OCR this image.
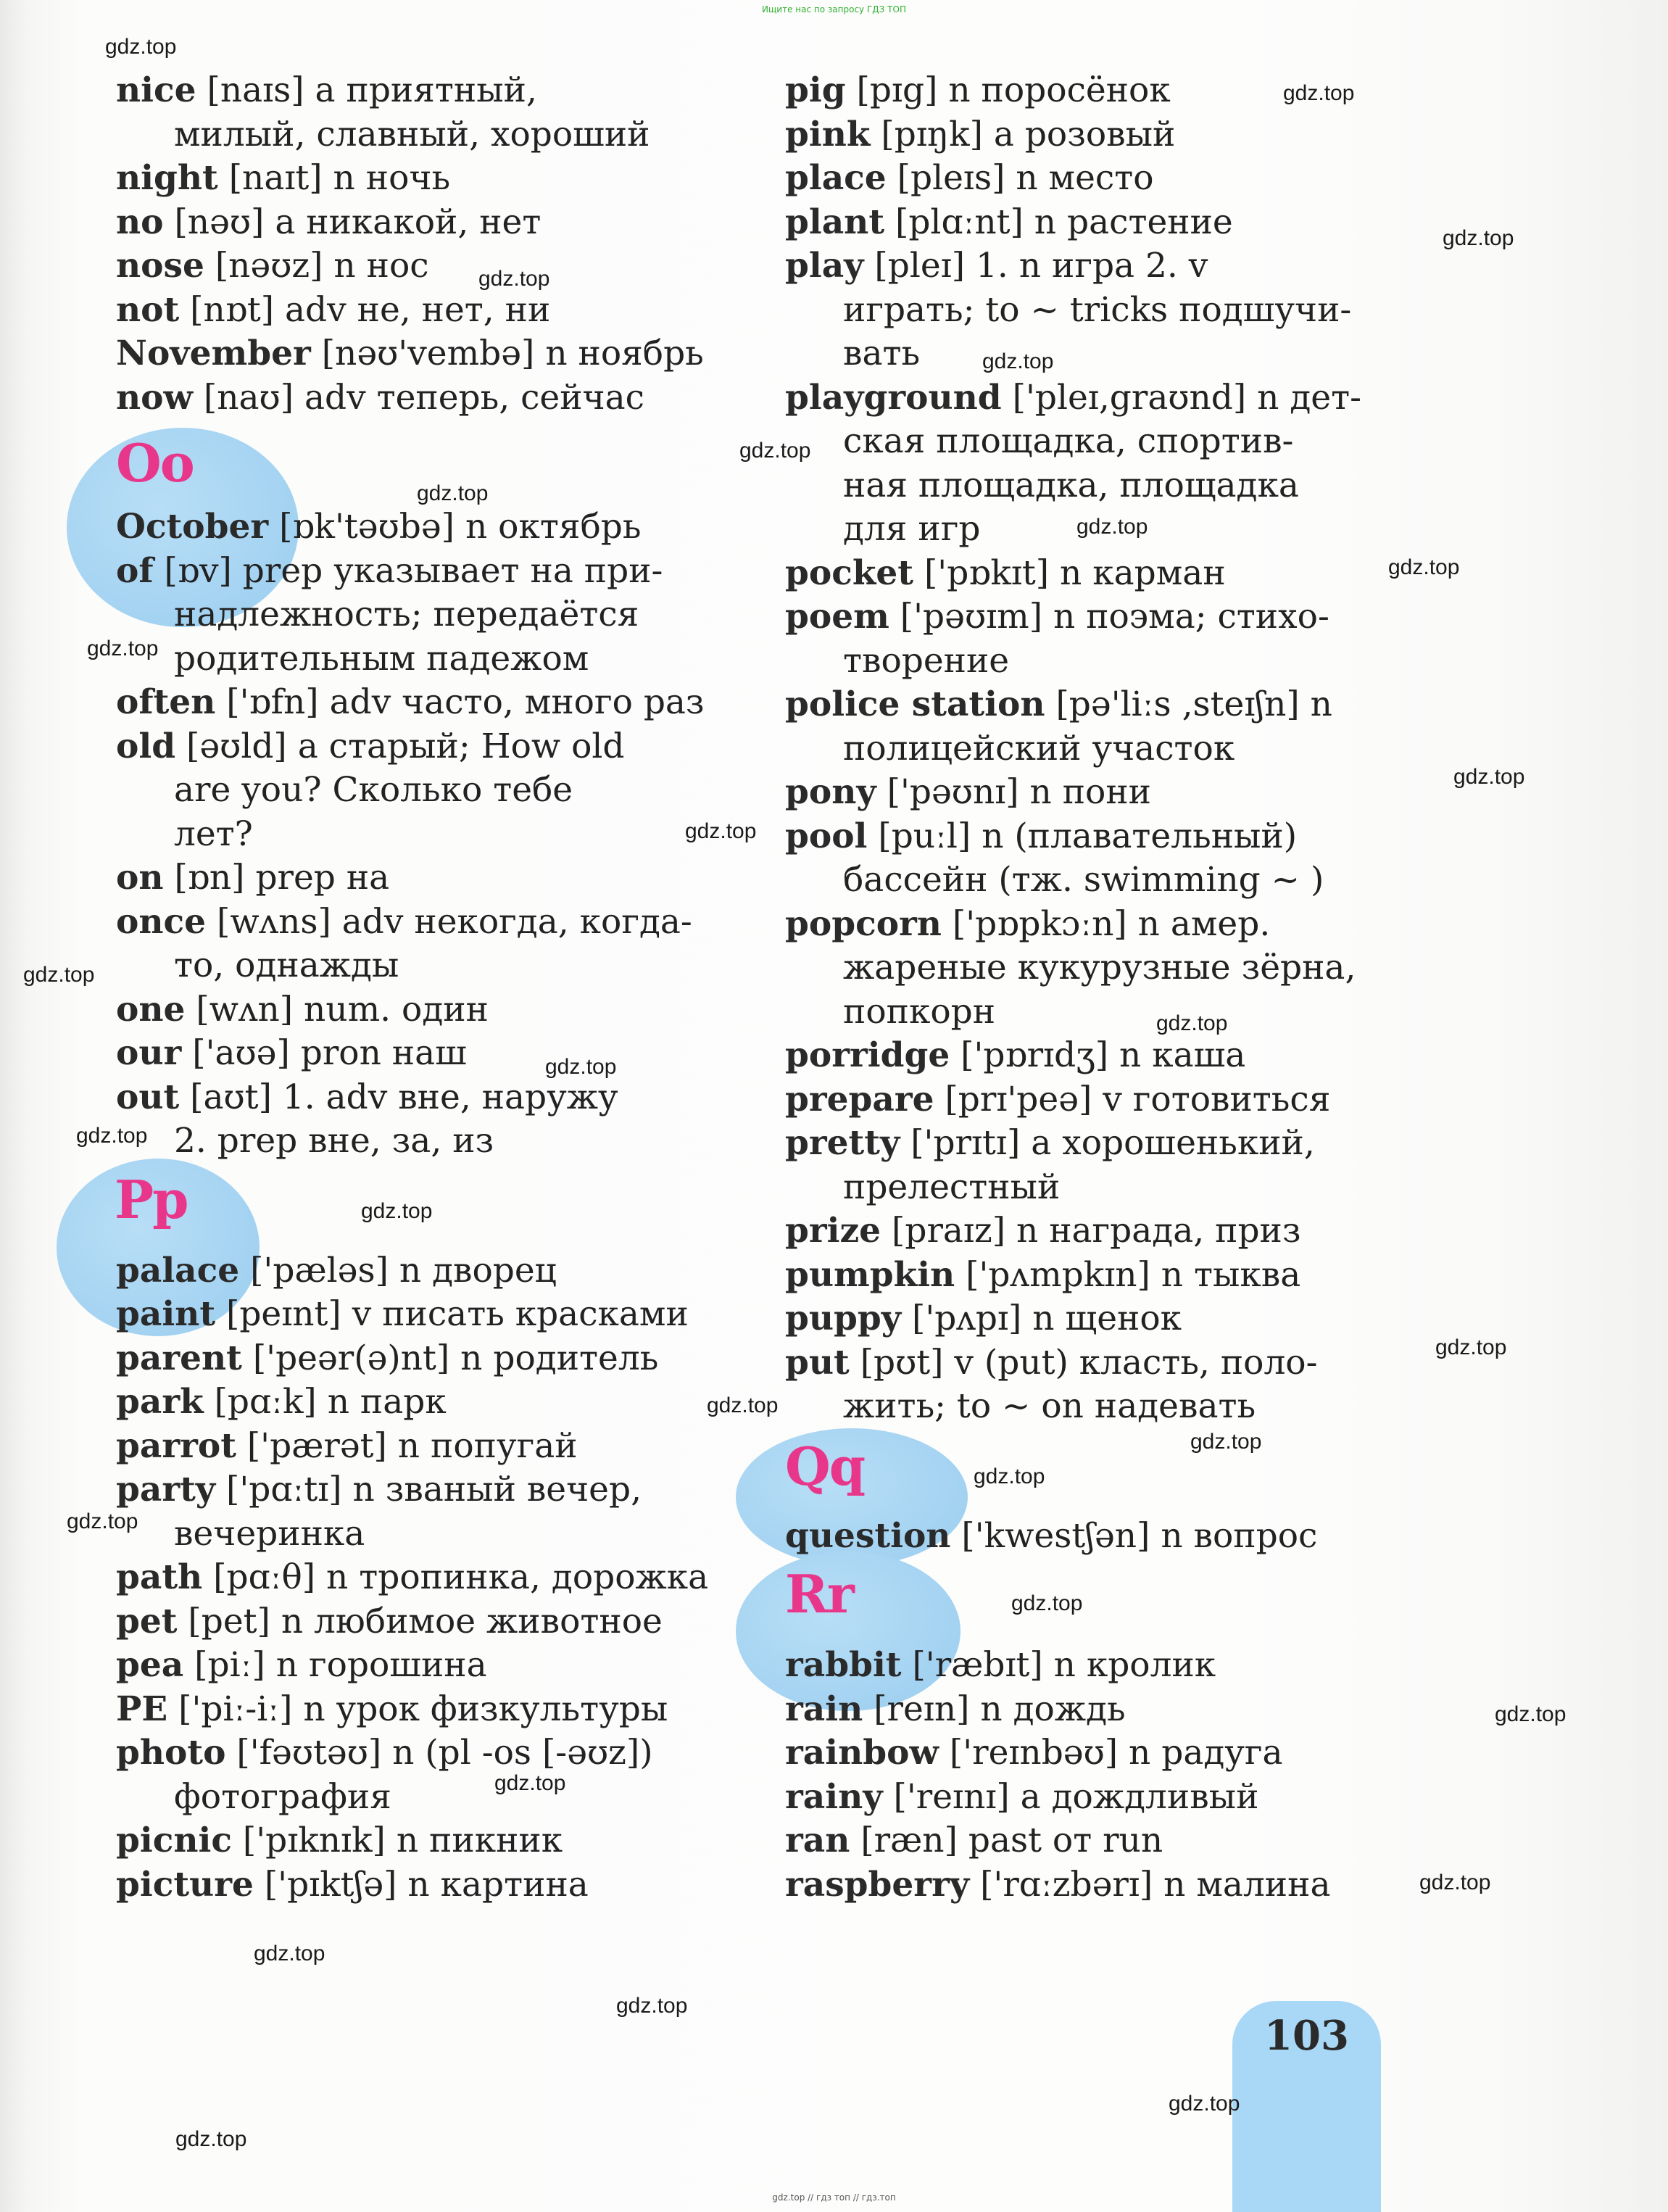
Ищите нас по запросу ГДЗ ТОП
Oo
Pp
Qq
Rr
nice [naɪs] a приятный,
милый, славный, хороший
night [naɪt] n ночь
no [nəʊ] a никакой, нет
nose [nəʊz] n нос
not [nɒt] adv не, нет, ни
November [nəʊ'vembə] n ноябрь
now [naʊ] adv теперь, сейчас
October [ɒk'təʊbə] n октябрь
of [ɒv] prep указывает на при-
надлежность; передаётся
родительным падежом
often ['ɒfn] adv часто, много раз
old [əʊld] a старый; How old
are you? Сколько тебе
лет?
on [ɒn] prep на
once [wʌns] adv некогда, когда-
то, однажды
one [wʌn] num. один
our ['aʊə] pron наш
out [aʊt] 1. adv вне, наружу
2. prep вне, за, из
palace ['pæləs] n дворец
paint [peɪnt] v писать красками
parent ['peər(ə)nt] n родитель
park [pɑːk] n парк
parrot ['pærət] n попугай
party ['pɑːtɪ] n званый вечер,
вечеринка
path [pɑːθ] n тропинка, дорожка
pet [pet] n любимое животное
pea [piː] n горошина
PE ['piː-iː] n урок физкультуры
photo ['fəʊtəʊ] n (pl -os [-əʊz])
фотография
picnic ['pɪknɪk] n пикник
picture ['pɪktʃə] n картина
pig [pɪg] n поросёнок
pink [pɪŋk] a розовый
place [pleɪs] n место
plant [plɑːnt] n растение
play [pleɪ] 1. n игра 2. v
играть; to ~ tricks подшучи-
вать
playground ['pleɪ,graʊnd] n дет-
ская площадка, спортив-
ная площадка, площадка
для игр
pocket ['pɒkɪt] n карман
poem ['pəʊɪm] n поэма; стихо-
творение
police station [pə'liːs ,steɪʃn] n
полицейский участок
pony ['pəʊnɪ] n пони
pool [puːl] n (плавательный)
бассейн (тж. swimming ~ )
popcorn ['pɒpkɔːn] n амер.
жареные кукурузные зёрна,
попкорн
porridge ['pɒrɪdʒ] n каша
prepare [prɪ'peə] v готовиться
pretty ['prɪtɪ] a хорошенький,
прелестный
prize [praɪz] n награда, приз
pumpkin ['pʌmpkɪn] n тыква
puppy ['pʌpɪ] n щенок
put [pʊt] v (put) класть, поло-
жить; to ~ on надевать
question ['kwestʃən] n вопрос
rabbit ['ræbɪt] n кролик
rain [reɪn] n дождь
rainbow ['reɪnbəʊ] n радуга
rainy ['reɪnɪ] a дождливый
ran [ræn] past от run
raspberry ['rɑːzbərɪ] n малина
103
gdz.top
gdz.top
gdz.top
gdz.top
gdz.top
gdz.top
gdz.top
gdz.top
gdz.top
gdz.top
gdz.top
gdz.top
gdz.top
gdz.top
gdz.top
gdz.top
gdz.top
gdz.top
gdz.top
gdz.top
gdz.top
gdz.top
gdz.top
gdz.top
gdz.top
gdz.top
gdz.top
gdz.top
gdz.top
gdz.top
gdz.top // гдз топ // гдз.топ
